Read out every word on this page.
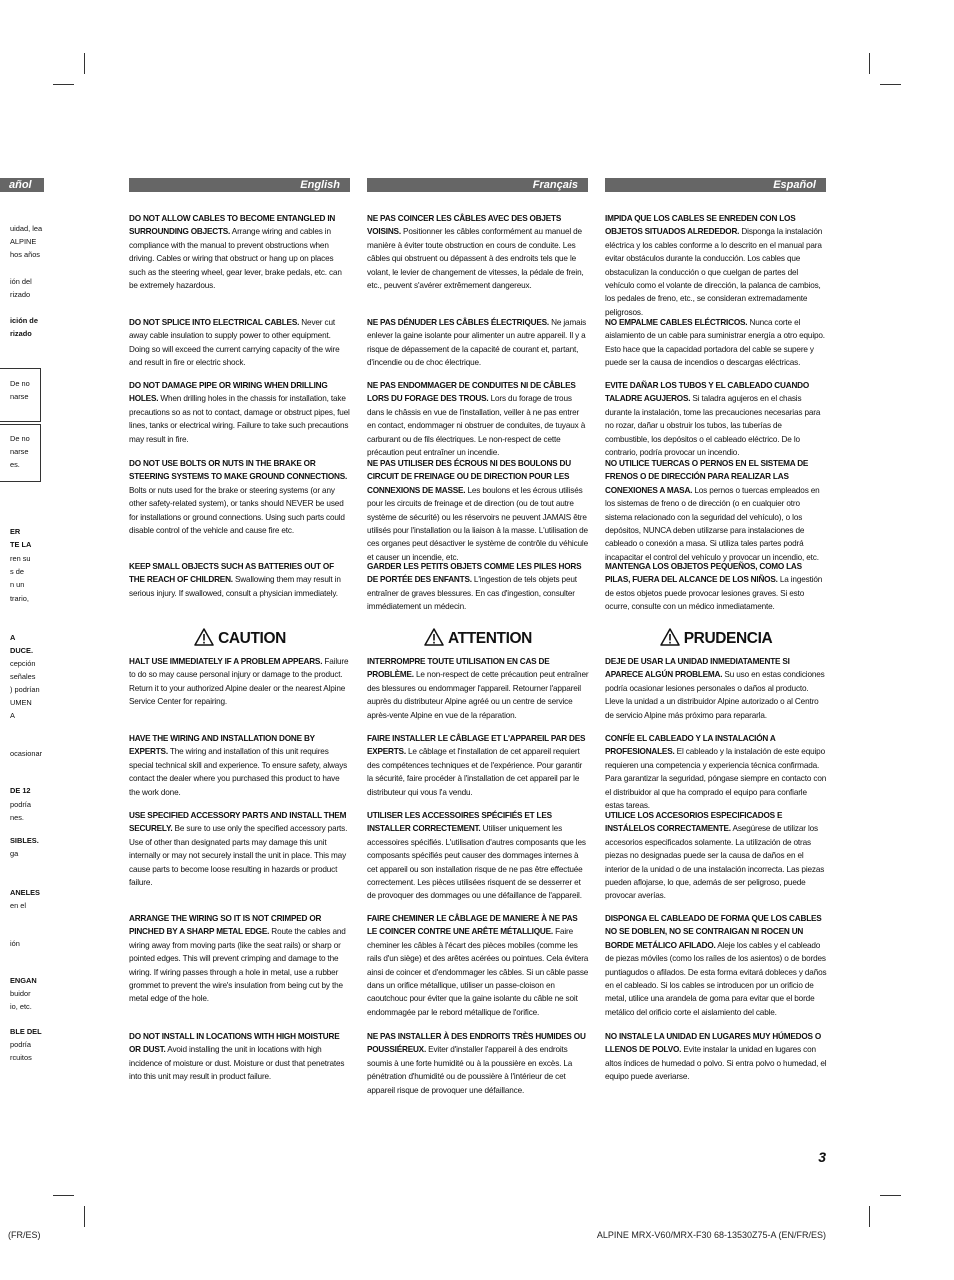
añol	English	Français	Español
uidad, lea
ALPINE
hos años
ión del
rizado
ición de
rizado
De no
narse
De no
narse
es.
ER
TE LA
ren su
s de
n un
trario,
A
DUCE.
cepción
señales
) podrían
UMEN
A
ocasionar
DE 12
podría
nes.
SIBLES.
ga
ANELES
en el
ión
ENGAN
buidor
io, etc.
BLE DEL
podría
rcuitos

DO NOT ALLOW CABLES TO BECOME ENTANGLED IN SURROUNDING OBJECTS. Arrange wiring and cables in compliance with the manual to prevent obstructions when driving. Cables or wiring that obstruct or hang up on places such as the steering wheel, gear lever, brake pedals, etc. can be extremely hazardous.

DO NOT SPLICE INTO ELECTRICAL CABLES. Never cut away cable insulation to supply power to other equipment. Doing so will exceed the current carrying capacity of the wire and result in fire or electric shock.

DO NOT DAMAGE PIPE OR WIRING WHEN DRILLING HOLES. When drilling holes in the chassis for installation, take precautions so as not to contact, damage or obstruct pipes, fuel lines, tanks or electrical wiring. Failure to take such precautions may result in fire.

DO NOT USE BOLTS OR NUTS IN THE BRAKE OR STEERING SYSTEMS TO MAKE GROUND CONNECTIONS. Bolts or nuts used for the brake or steering systems (or any other safety-related system), or tanks should NEVER be used for installations or ground connections. Using such parts could disable control of the vehicle and cause fire etc.

KEEP SMALL OBJECTS SUCH AS BATTERIES OUT OF THE REACH OF CHILDREN. Swallowing them may result in serious injury. If swallowed, consult a physician immediately.

CAUTION

HALT USE IMMEDIATELY IF A PROBLEM APPEARS. Failure to do so may cause personal injury or damage to the product. Return it to your authorized Alpine dealer or the nearest Alpine Service Center for repairing.

HAVE THE WIRING AND INSTALLATION DONE BY EXPERTS. The wiring and installation of this unit requires special technical skill and experience. To ensure safety, always contact the dealer where you purchased this product to have the work done.

USE SPECIFIED ACCESSORY PARTS AND INSTALL THEM SECURELY. Be sure to use only the specified accessory parts. Use of other than designated parts may damage this unit internally or may not securely install the unit in place. This may cause parts to become loose resulting in hazards or product failure.

ARRANGE THE WIRING SO IT IS NOT CRIMPED OR PINCHED BY A SHARP METAL EDGE. Route the cables and wiring away from moving parts (like the seat rails) or sharp or pointed edges. This will prevent crimping and damage to the wiring. If wiring passes through a hole in metal, use a rubber grommet to prevent the wire's insulation from being cut by the metal edge of the hole.

DO NOT INSTALL IN LOCATIONS WITH HIGH MOISTURE OR DUST. Avoid installing the unit in locations with high incidence of moisture or dust. Moisture or dust that penetrates into this unit may result in product failure.

NE PAS COINCER LES CÂBLES AVEC DES OBJETS VOISINS. Positionner les câbles conformément au manuel de manière à éviter toute obstruction en cours de conduite. Les câbles qui obstruent ou dépassent à des endroits tels que le volant, le levier de changement de vitesses, la pédale de frein, etc., peuvent s'avérer extrêmement dangereux.

NE PAS DÉNUDER LES CÂBLES ÉLECTRIQUES. Ne jamais enlever la gaine isolante pour alimenter un autre appareil. Il y a risque de dépassement de la capacité de courant et, partant, d'incendie ou de choc électrique.

NE PAS ENDOMMAGER DE CONDUITES NI DE CÂBLES LORS DU FORAGE DES TROUS. Lors du forage de trous dans le châssis en vue de l'installation, veiller à ne pas entrer en contact, endommager ni obstruer de conduites, de tuyaux à carburant ou de fils électriques. Le non-respect de cette précaution peut entraîner un incendie.

NE PAS UTILISER DES ÉCROUS NI DES BOULONS DU CIRCUIT DE FREINAGE OU DE DIRECTION POUR LES CONNEXIONS DE MASSE. Les boulons et les écrous utilisés pour les circuits de freinage et de direction (ou de tout autre système de sécurité) ou les réservoirs ne peuvent JAMAIS être utilisés pour l'installation ou la liaison à la masse. L'utilisation de ces organes peut désactiver le système de contrôle du véhicule et causer un incendie, etc.

GARDER LES PETITS OBJETS COMME LES PILES HORS DE PORTÉE DES ENFANTS. L'ingestion de tels objets peut entraîner de graves blessures. En cas d'ingestion, consulter immédiatement un médecin.

ATTENTION

INTERROMPRE TOUTE UTILISATION EN CAS DE PROBLÈME. Le non-respect de cette précaution peut entraîner des blessures ou endommager l'appareil. Retourner l'appareil auprès du distributeur Alpine agréé ou un centre de service après-vente Alpine en vue de la réparation.

FAIRE INSTALLER LE CÂBLAGE ET L'APPAREIL PAR DES EXPERTS. Le câblage et l'installation de cet appareil requiert des compétences techniques et de l'expérience. Pour garantir la sécurité, faire procéder à l'installation de cet appareil par le distributeur qui vous l'a vendu.

UTILISER LES ACCESSOIRES SPÉCIFIÉS ET LES INSTALLER CORRECTEMENT. Utiliser uniquement les accessoires spécifiés. L'utilisation d'autres composants que les composants spécifiés peut causer des dommages internes à cet appareil ou son installation risque de ne pas être effectuée correctement. Les pièces utilisées risquent de se desserrer et de provoquer des dommages ou une défaillance de l'appareil.

FAIRE CHEMINER LE CÂBLAGE DE MANIERE À NE PAS LE COINCER CONTRE UNE ARÊTE MÉTALLIQUE. Faire cheminer les câbles à l'écart des pièces mobiles (comme les rails d'un siège) et des arêtes acérées ou pointues. Cela évitera ainsi de coincer et d'endommager les câbles. Si un câble passe dans un orifice métallique, utiliser un passe-cloison en caoutchouc pour éviter que la gaine isolante du câble ne soit endommagée par le rebord métallique de l'orifice.

NE PAS INSTALLER À DES ENDROITS TRÈS HUMIDES OU POUSSIÉREUX. Eviter d'installer l'appareil à des endroits soumis à une forte humidité ou à la poussière en excès. La pénétration d'humidité ou de poussière à l'intérieur de cet appareil risque de provoquer une défaillance.

IMPIDA QUE LOS CABLES SE ENREDEN CON LOS OBJETOS SITUADOS ALREDEDOR. Disponga la instalación eléctrica y los cables conforme a lo descrito en el manual para evitar obstáculos durante la conducción. Los cables que obstaculizan la conducción o que cuelgan de partes del vehículo como el volante de dirección, la palanca de cambios, los pedales de freno, etc., se consideran extremadamente peligrosos.

NO EMPALME CABLES ELÉCTRICOS. Nunca corte el aislamiento de un cable para suministrar energía a otro equipo. Esto hace que la capacidad portadora del cable se supere y puede ser la causa de incendios o descargas eléctricas.

EVITE DAÑAR LOS TUBOS Y EL CABLEADO CUANDO TALADRE AGUJEROS. Si taladra agujeros en el chasis durante la instalación, tome las precauciones necesarias para no rozar, dañar u obstruir los tubos, las tuberías de combustible, los depósitos o el cableado eléctrico. De lo contrario, podría provocar un incendio.

NO UTILICE TUERCAS O PERNOS EN EL SISTEMA DE FRENOS O DE DIRECCIÓN PARA REALIZAR LAS CONEXIONES A MASA. Los pernos o tuercas empleados en los sistemas de freno o de dirección (o en cualquier otro sistema relacionado con la seguridad del vehículo), o los depósitos, NUNCA deben utilizarse para instalaciones de cableado o conexión a masa. Si utiliza tales partes podrá incapacitar el control del vehículo y provocar un incendio, etc.

MANTENGA LOS OBJETOS PEQUEÑOS, COMO LAS PILAS, FUERA DEL ALCANCE DE LOS NIÑOS. La ingestión de estos objetos puede provocar lesiones graves. Si esto ocurre, consulte con un médico inmediatamente.

PRUDENCIA

DEJE DE USAR LA UNIDAD INMEDIATAMENTE SI APARECE ALGÚN PROBLEMA. Su uso en estas condiciones podría ocasionar lesiones personales o daños al producto. Lleve la unidad a un distribuidor Alpine autorizado o al Centro de servicio Alpine más próximo para repararla.

CONFÍE EL CABLEADO Y LA INSTALACIÓN A PROFESIONALES. El cableado y la instalación de este equipo requieren una competencia y experiencia técnica confirmada. Para garantizar la seguridad, póngase siempre en contacto con el distribuidor al que ha comprado el equipo para confiarle estas tareas.

UTILICE LOS ACCESORIOS ESPECIFICADOS E INSTÁLELOS CORRECTAMENTE. Asegúrese de utilizar los accesorios especificados solamente. La utilización de otras piezas no designadas puede ser la causa de daños en el interior de la unidad o de una instalación incorrecta. Las piezas pueden aflojarse, lo que, además de ser peligroso, puede provocar averías.

DISPONGA EL CABLEADO DE FORMA QUE LOS CABLES NO SE DOBLEN, NO SE CONTRAIGAN NI ROCEN UN BORDE METÁLICO AFILADO. Aleje los cables y el cableado de piezas móviles (como los raíles de los asientos) o de bordes puntiagudos o afilados. De esta forma evitará dobleces y daños en el cableado. Si los cables se introducen por un orificio de metal, utilice una arandela de goma para evitar que el borde metálico del orificio corte el aislamiento del cable.

NO INSTALE LA UNIDAD EN LUGARES MUY HÚMEDOS O LLENOS DE POLVO. Evite instalar la unidad en lugares con altos índices de humedad o polvo. Si entra polvo o humedad, el equipo puede averiarse.

3
(FR/ES)	ALPINE MRX-V60/MRX-F30 68-13530Z75-A (EN/FR/ES)
